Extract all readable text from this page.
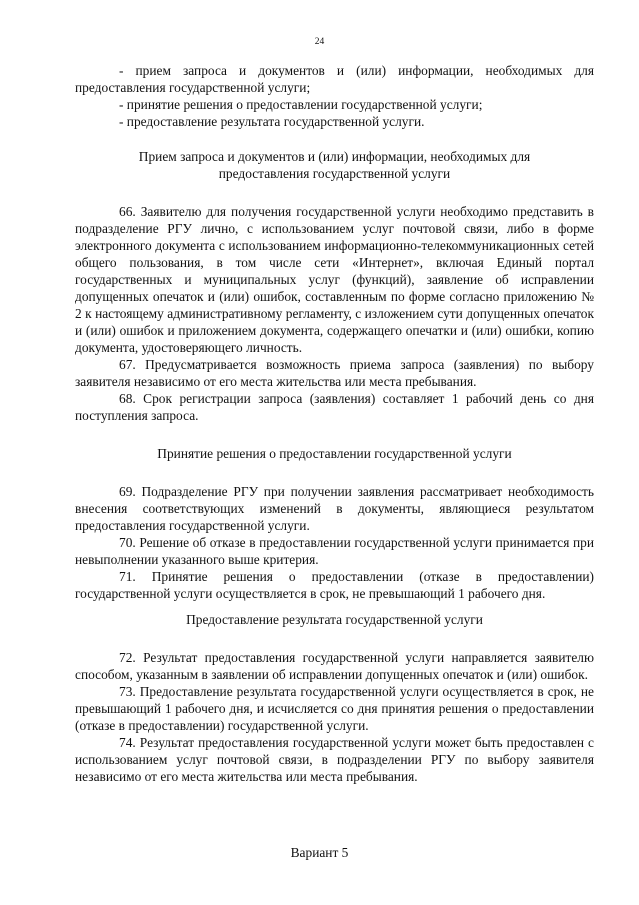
24

- прием запроса и документов и (или) информации, необходимых для предоставления государственной услуги;

- принятие решения о предоставлении государственной услуги;

- предоставление результата государственной услуги.

Прием запроса и документов и (или) информации, необходимых для предоставления государственной услуги

66. Заявителю для получения государственной услуги необходимо представить в подразделение РГУ лично, с использованием услуг почтовой связи, либо в форме электронного документа с использованием информационно-телекоммуникационных сетей общего пользования, в том числе сети «Интернет», включая Единый портал государственных и муниципальных услуг (функций), заявление об исправлении допущенных опечаток и (или) ошибок, составленным по форме согласно приложению № 2 к настоящему административному регламенту, с изложением сути допущенных опечаток и (или) ошибок и приложением документа, содержащего опечатки и (или) ошибки, копию документа, удостоверяющего личность.

67. Предусматривается возможность приема запроса (заявления) по выбору заявителя независимо от его места жительства или места пребывания.

68. Срок регистрации запроса (заявления) составляет 1 рабочий день со дня поступления запроса.

Принятие решения о предоставлении государственной услуги

69. Подразделение РГУ при получении заявления рассматривает необходимость внесения соответствующих изменений в документы, являющиеся результатом предоставления государственной услуги.

70. Решение об отказе в предоставлении государственной услуги принимается при невыполнении указанного выше критерия.

71. Принятие решения о предоставлении (отказе в предоставлении) государственной услуги осуществляется в срок, не превышающий 1 рабочего дня.

Предоставление результата государственной услуги

72. Результат предоставления государственной услуги направляется заявителю способом, указанным в заявлении об исправлении допущенных опечаток и (или) ошибок.

73. Предоставление результата государственной услуги осуществляется в срок, не превышающий 1 рабочего дня, и исчисляется со дня принятия решения о предоставлении (отказе в предоставлении) государственной услуги.

74. Результат предоставления государственной услуги может быть предоставлен с использованием услуг почтовой связи, в подразделении РГУ по выбору заявителя независимо от его места жительства или места пребывания.

Вариант 5
